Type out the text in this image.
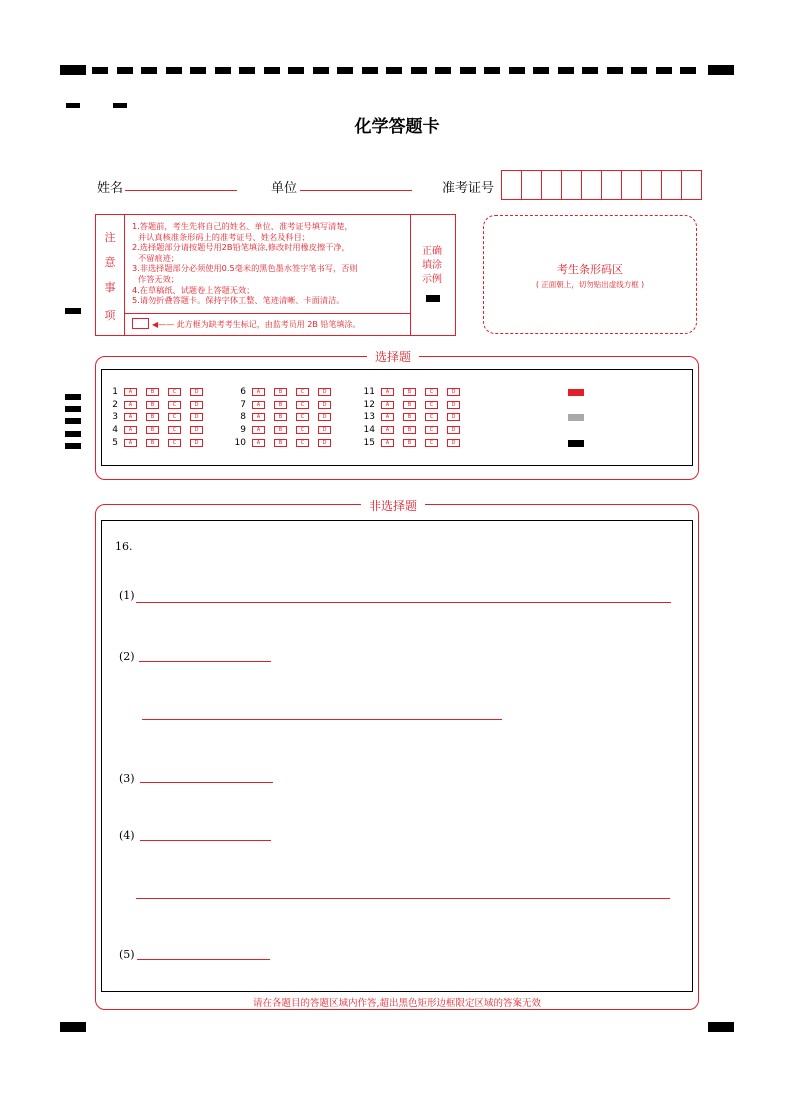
化学答题卡
姓名	单位	准考证号
注
意
事
项
1.答题前，考生先将自己的姓名、单位、准考证号填写清楚，
并认真核准条形码上的准考证号、姓名及科目；
2.选择题部分请按题号用2B铅笔填涂,修改时用橡皮擦干净，
不留痕迹；
3.非选择题部分必须使用0.5毫米的黑色墨水签字笔书写，否则
作答无效；
4.在草稿纸、试题卷上答题无效；
5.请勿折叠答题卡。保持字体工整、笔迹清晰、卡面清洁。
◀—— 此方框为缺考考生标记，由监考员用 2B 铅笔填涂。
正确填涂示例
考生条形码区
( 正面朝上，切勿贴出虚线方框 )
选择题
1	A	B	C	D
2	A	B	C	D
3	A	B	C	D
4	A	B	C	D
5	A	B	C	D
6	A	B	C	D
7	A	B	C	D
8	A	B	C	D
9	A	B	C	D
10	A	B	C	D
11	A	B	C	D
12	A	B	C	D
13	A	B	C	D
14	A	B	C	D
15	A	B	C	D
非选择题
16.
(1)
(2)
(3)
(4)
(5)
请在各题目的答题区域内作答,超出黑色矩形边框限定区域的答案无效
